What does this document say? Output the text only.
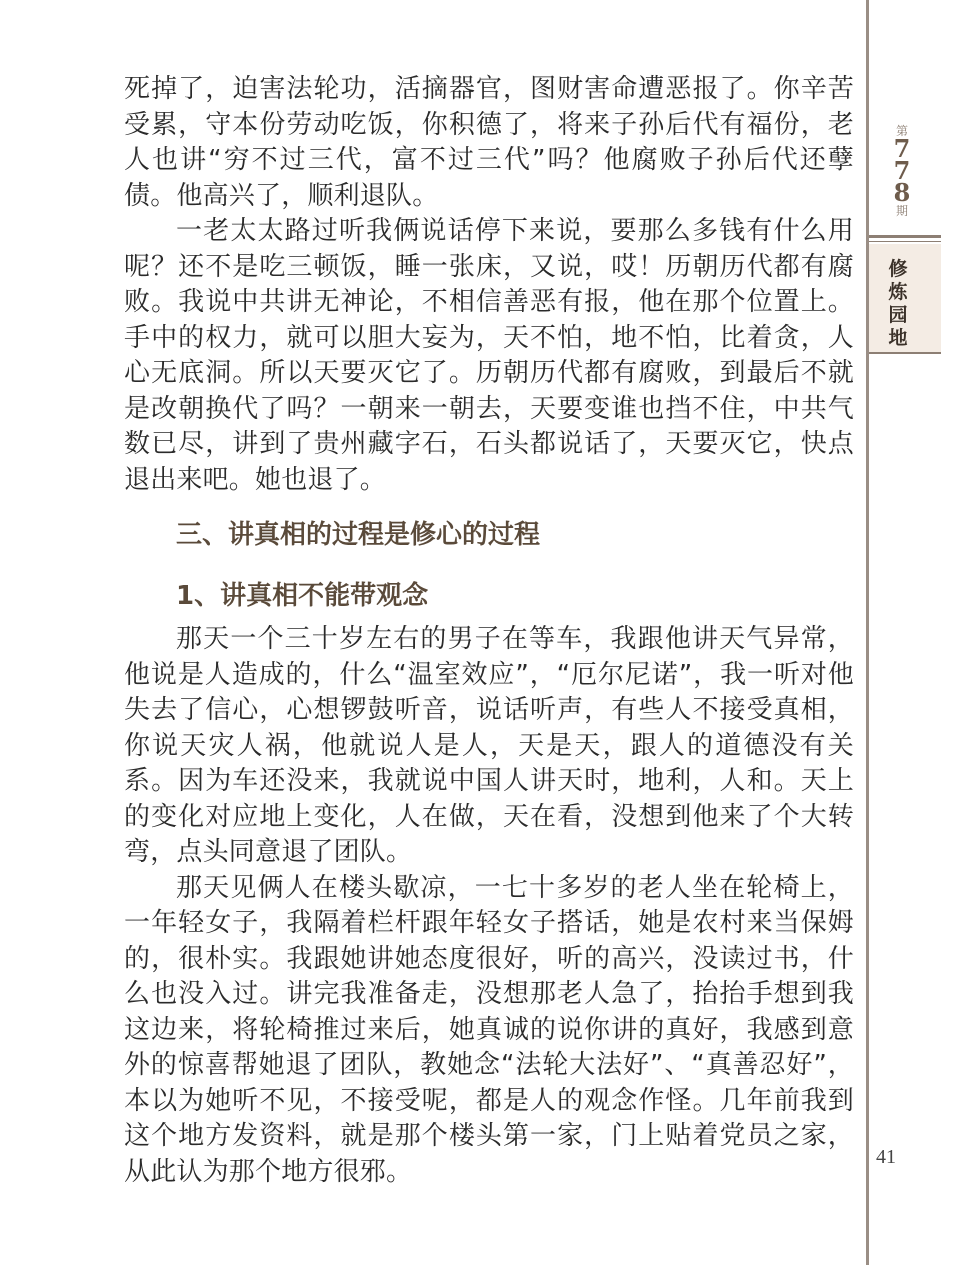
第
778
期
修炼园地

死掉了，迫害法轮功，活摘器官，图财害命遭恶报了。你辛苦受累，守本份劳动吃饭，你积德了，将来子孙后代有福份，老人也讲“穷不过三代，富不过三代”吗？他腐败子孙后代还孽债。他高兴了，顺利退队。

一老太太路过听我俩说话停下来说，要那么多钱有什么用呢？还不是吃三顿饭，睡一张床，又说，哎！历朝历代都有腐败。我说中共讲无神论，不相信善恶有报，他在那个位置上。手中的权力，就可以胆大妄为，天不怕，地不怕，比着贪，人心无底洞。所以天要灭它了。历朝历代都有腐败，到最后不就是改朝换代了吗？一朝来一朝去，天要变谁也挡不住，中共气数已尽，讲到了贵州藏字石，石头都说话了，天要灭它，快点退出来吧。她也退了。

三、讲真相的过程是修心的过程
1、讲真相不能带观念

那天一个三十岁左右的男子在等车，我跟他讲天气异常，他说是人造成的，什么“温室效应”，“厄尔尼诺”，我一听对他失去了信心，心想锣鼓听音，说话听声，有些人不接受真相，你说天灾人祸，他就说人是人，天是天，跟人的道德没有关系。因为车还没来，我就说中国人讲天时，地利，人和。天上的变化对应地上变化，人在做，天在看，没想到他来了个大转弯，点头同意退了团队。

那天见俩人在楼头歇凉，一七十多岁的老人坐在轮椅上，一年轻女子，我隔着栏杆跟年轻女子搭话，她是农村来当保姆的，很朴实。我跟她讲她态度很好，听的高兴，没读过书，什么也没入过。讲完我准备走，没想那老人急了，抬抬手想到我这边来，将轮椅推过来后，她真诚的说你讲的真好，我感到意外的惊喜帮她退了团队，教她念“法轮大法好”、“真善忍好”，本以为她听不见，不接受呢，都是人的观念作怪。几年前我到这个地方发资料，就是那个楼头第一家，门上贴着党员之家，从此认为那个地方很邪。	41
